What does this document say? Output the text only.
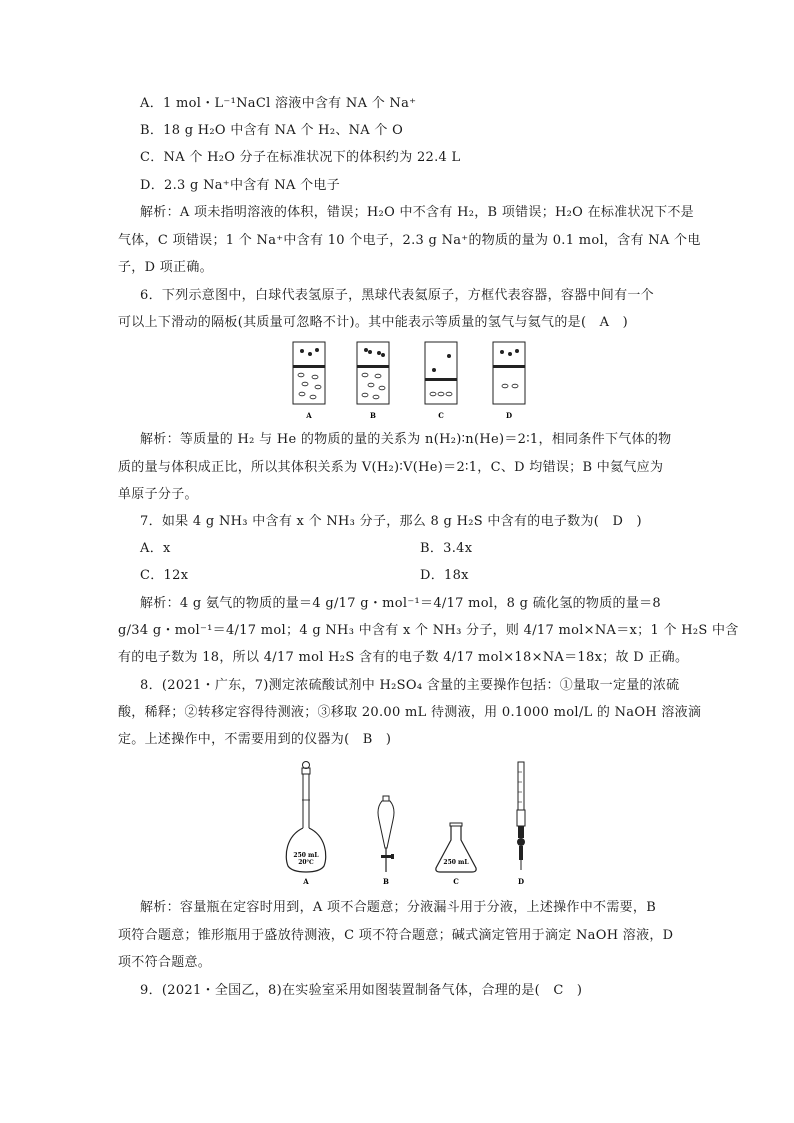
A．1 mol・L⁻¹NaCl 溶液中含有 NA 个 Na⁺
B．18 g H₂O 中含有 NA 个 H₂、NA 个 O
C．NA 个 H₂O 分子在标准状况下的体积约为 22.4 L
D．2.3 g Na⁺中含有 NA 个电子
解析：A 项未指明溶液的体积，错误；H₂O 中不含有 H₂，B 项错误；H₂O 在标准状况下不是
气体，C 项错误；1 个 Na⁺中含有 10 个电子，2.3 g Na⁺的物质的量为 0.1 mol，含有 NA 个电
子，D 项正确。
6．下列示意图中，白球代表氢原子，黑球代表氦原子，方框代表容器，容器中间有一个
可以上下滑动的隔板(其质量可忽略不计)。其中能表示等质量的氢气与氦气的是(　A　)
A	B	C	D
解析：等质量的 H₂ 与 He 的物质的量的关系为 n(H₂)∶n(He)＝2∶1，相同条件下气体的物
质的量与体积成正比，所以其体积关系为 V(H₂)∶V(He)＝2∶1，C、D 均错误；B 中氦气应为
单原子分子。
7．如果 4 g NH₃ 中含有 x 个 NH₃ 分子，那么 8 g H₂S 中含有的电子数为(　D　)
A．x	B．3.4x
C．12x	D．18x
解析：4 g 氨气的物质的量＝4 g/17 g・mol⁻¹＝4/17 mol，8 g 硫化氢的物质的量＝8
g/34 g・mol⁻¹＝4/17 mol；4 g NH₃ 中含有 x 个 NH₃ 分子，则 4/17 mol×NA＝x；1 个 H₂S 中含
有的电子数为 18，所以 4/17 mol H₂S 含有的电子数 4/17 mol×18×NA＝18x；故 D 正确。
8．(2021・广东，7)测定浓硫酸试剂中 H₂SO₄ 含量的主要操作包括：①量取一定量的浓硫
酸，稀释；②转移定容得待测液；③移取 20.00 mL 待测液，用 0.1000 mol/L 的 NaOH 溶液滴
定。上述操作中，不需要用到的仪器为(　B　)
250 mL
20℃
A	B
250 mL
C	D
解析：容量瓶在定容时用到，A 项不合题意；分液漏斗用于分液，上述操作中不需要，B
项符合题意；锥形瓶用于盛放待测液，C 项不符合题意；碱式滴定管用于滴定 NaOH 溶液，D
项不符合题意。
9．(2021・全国乙，8)在实验室采用如图装置制备气体，合理的是(　C　)
